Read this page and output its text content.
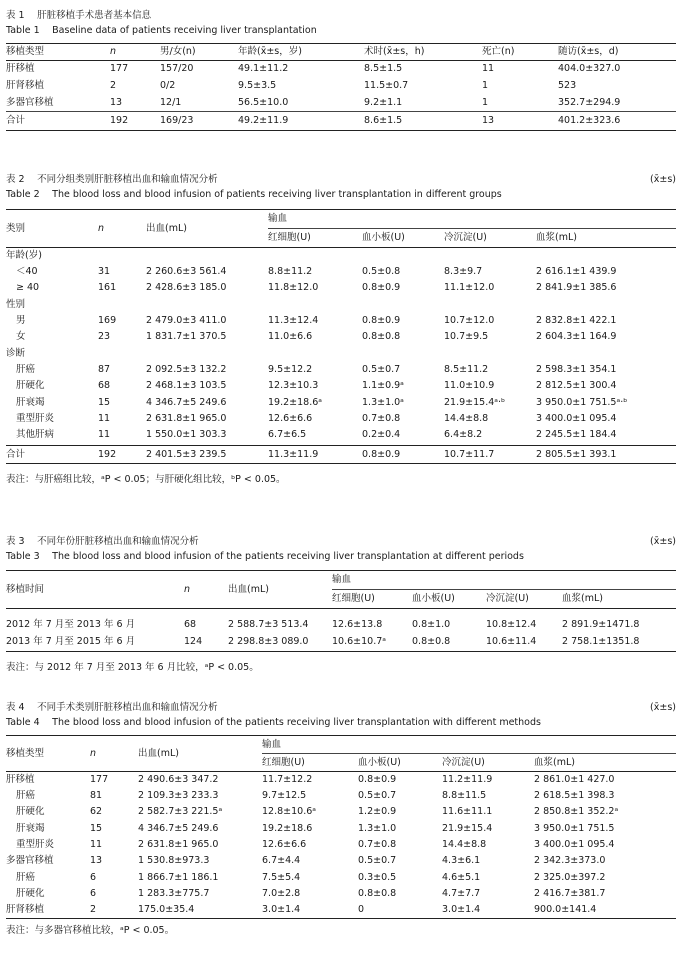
表 1　 肝脏移植手术患者基本信息
Table 1　 Baseline data of patients receiving liver transplantation
移植类型	n	男/女(n)	年龄(x̄±s，岁)	术时(x̄±s，h)	死亡(n)	随访(x̄±s，d)
肝移植	177	157/20	49.1±11.2	8.5±1.5	11	404.0±327.0
肝肾移植	2	0/2	9.5±3.5	11.5±0.7	1	523
多器官移植	13	12/1	56.5±10.0	9.2±1.1	1	352.7±294.9
合计	192	169/23	49.2±11.9	8.6±1.5	13	401.2±323.6
表 2　 不同分组类别肝脏移植出血和输血情况分析	(x̄±s)
Table 2　 The blood loss and blood infusion of patients receiving liver transplantation in different groups
类别	n	出血(mL)	输血			
			红细胞(U)	血小板(U)	冷沉淀(U)	血浆(mL)
年龄(岁)						
＜40	31	2 260.6±3 561.4	8.8±11.2	0.5±0.8	8.3±9.7	2 616.1±1 439.9
≥ 40	161	2 428.6±3 185.0	11.8±12.0	0.8±0.9	11.1±12.0	2 841.9±1 385.6
性别						
男	169	2 479.0±3 411.0	11.3±12.4	0.8±0.9	10.7±12.0	2 832.8±1 422.1
女	23	1 831.7±1 370.5	11.0±6.6	0.8±0.8	10.7±9.5	2 604.3±1 164.9
诊断						
肝癌	87	2 092.5±3 132.2	9.5±12.2	0.5±0.7	8.5±11.2	2 598.3±1 354.1
肝硬化	68	2 468.1±3 103.5	12.3±10.3	1.1±0.9ᵃ	11.0±10.9	2 812.5±1 300.4
肝衰竭	15	4 346.7±5 249.6	19.2±18.6ᵃ	1.3±1.0ᵃ	21.9±15.4ᵃ·ᵇ	3 950.0±1 751.5ᵃ·ᵇ
重型肝炎	11	2 631.8±1 965.0	12.6±6.6	0.7±0.8	14.4±8.8	3 400.0±1 095.4
其他肝病	11	1 550.0±1 303.3	6.7±6.5	0.2±0.4	6.4±8.2	2 245.5±1 184.4
合计	192	2 401.5±3 239.5	11.3±11.9	0.8±0.9	10.7±11.7	2 805.5±1 393.1
表注：与肝癌组比较，ᵃP < 0.05；与肝硬化组比较，ᵇP < 0.05。
表 3　 不同年份肝脏移植出血和输血情况分析	(x̄±s)
Table 3　 The blood loss and blood infusion of the patients receiving liver transplantation at different periods
移植时间	n	出血(mL)	输血			
			红细胞(U)	血小板(U)	冷沉淀(U)	血浆(mL)
2012 年 7 月至 2013 年 6 月	68	2 588.7±3 513.4	12.6±13.8	0.8±1.0	10.8±12.4	2 891.9±1471.8
2013 年 7 月至 2015 年 6 月	124	2 298.8±3 089.0	10.6±10.7ᵃ	0.8±0.8	10.6±11.4	2 758.1±1351.8
表注：与 2012 年 7 月至 2013 年 6 月比较，ᵃP < 0.05。
表 4　 不同手术类别肝脏移植出血和输血情况分析	(x̄±s)
Table 4　 The blood loss and blood infusion of the patients receiving liver transplantation with different methods
移植类型	n	出血(mL)	输血			
			红细胞(U)	血小板(U)	冷沉淀(U)	血浆(mL)
肝移植	177	2 490.6±3 347.2	11.7±12.2	0.8±0.9	11.2±11.9	2 861.0±1 427.0
肝癌	81	2 109.3±3 233.3	9.7±12.5	0.5±0.7	8.8±11.5	2 618.5±1 398.3
肝硬化	62	2 582.7±3 221.5ᵃ	12.8±10.6ᵃ	1.2±0.9	11.6±11.1	2 850.8±1 352.2ᵃ
肝衰竭	15	4 346.7±5 249.6	19.2±18.6	1.3±1.0	21.9±15.4	3 950.0±1 751.5
重型肝炎	11	2 631.8±1 965.0	12.6±6.6	0.7±0.8	14.4±8.8	3 400.0±1 095.4
多器官移植	13	1 530.8±973.3	6.7±4.4	0.5±0.7	4.3±6.1	2 342.3±373.0
肝癌	6	1 866.7±1 186.1	7.5±5.4	0.3±0.5	4.6±5.1	2 325.0±397.2
肝硬化	6	1 283.3±775.7	7.0±2.8	0.8±0.8	4.7±7.7	2 416.7±381.7
肝肾移植	2	175.0±35.4	3.0±1.4	0	3.0±1.4	900.0±141.4
表注：与多器官移植比较，ᵃP < 0.05。
